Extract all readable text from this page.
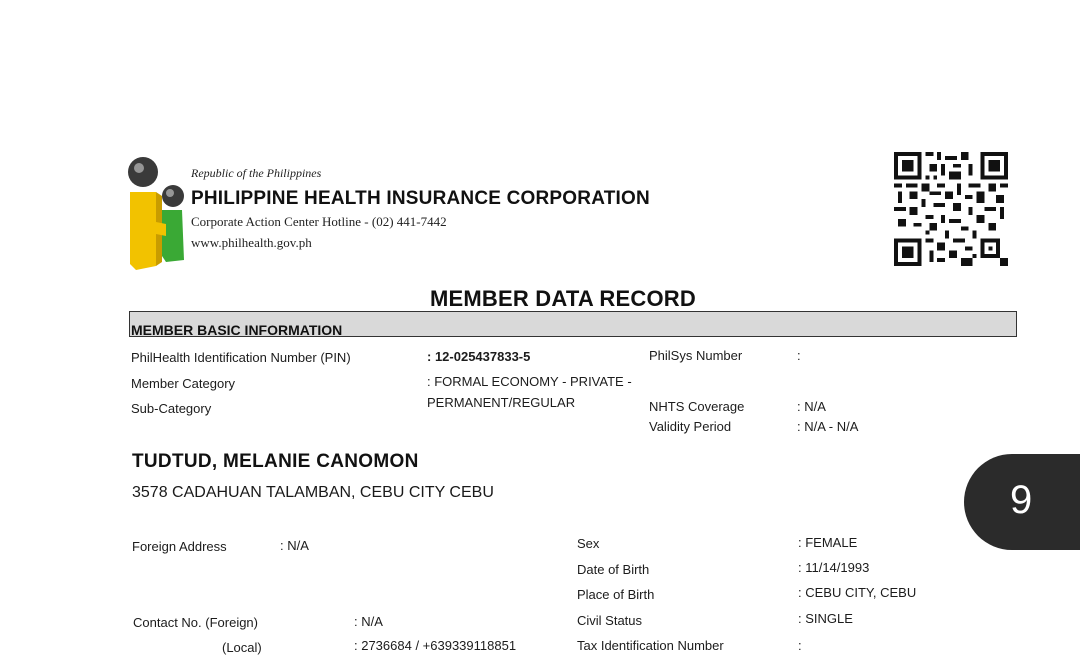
Republic of the Philippines
PHILIPPINE HEALTH INSURANCE CORPORATION
Corporate Action Center Hotline - (02) 441-7442
www.philhealth.gov.ph
MEMBER DATA RECORD
MEMBER BASIC INFORMATION
PhilHealth Identification Number (PIN)	: 12-025437833-5
Member Category	: FORMAL ECONOMY - PRIVATE -
PERMANENT/REGULAR
Sub-Category
PhilSys Number	:
NHTS Coverage	: N/A
Validity Period	: N/A - N/A
TUDTUD, MELANIE CANOMON
3578 CADAHUAN TALAMBAN, CEBU CITY CEBU
Foreign Address	: N/A
Contact No. (Foreign)	: N/A
(Local)	: 2736684 / +639339118851
Sex	: FEMALE
Date of Birth	: 11/14/1993
Place of Birth	: CEBU CITY, CEBU
Civil Status	: SINGLE
Tax Identification Number	:
9
